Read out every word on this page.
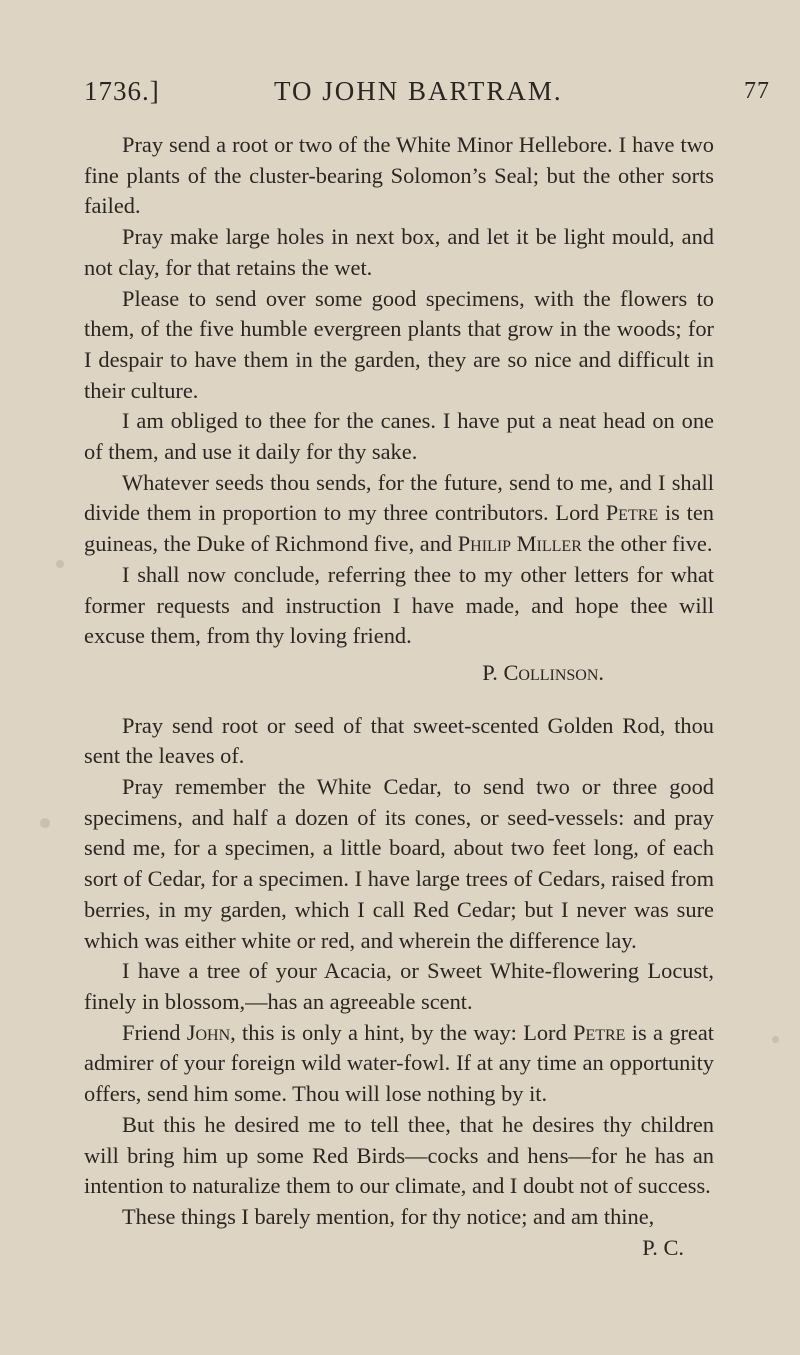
1736.]	TO JOHN BARTRAM.	77

Pray send a root or two of the White Minor Hellebore. I have two fine plants of the cluster-bearing Solomon’s Seal; but the other sorts failed.

Pray make large holes in next box, and let it be light mould, and not clay, for that retains the wet.

Please to send over some good specimens, with the flowers to them, of the five humble evergreen plants that grow in the woods; for I despair to have them in the garden, they are so nice and difficult in their culture.

I am obliged to thee for the canes. I have put a neat head on one of them, and use it daily for thy sake.

Whatever seeds thou sends, for the future, send to me, and I shall divide them in proportion to my three contributors. Lord Petre is ten guineas, the Duke of Richmond five, and Philip Miller the other five.

I shall now conclude, referring thee to my other letters for what former requests and instruction I have made, and hope thee will excuse them, from thy loving friend.

P. Collinson.

Pray send root or seed of that sweet-scented Golden Rod, thou sent the leaves of.

Pray remember the White Cedar, to send two or three good specimens, and half a dozen of its cones, or seed-vessels: and pray send me, for a specimen, a little board, about two feet long, of each sort of Cedar, for a specimen. I have large trees of Cedars, raised from berries, in my garden, which I call Red Cedar; but I never was sure which was either white or red, and wherein the difference lay.

I have a tree of your Acacia, or Sweet White-flowering Locust, finely in blossom,—has an agreeable scent.

Friend John, this is only a hint, by the way: Lord Petre is a great admirer of your foreign wild water-fowl. If at any time an opportunity offers, send him some. Thou will lose nothing by it.

But this he desired me to tell thee, that he desires thy children will bring him up some Red Birds—cocks and hens—for he has an intention to naturalize them to our climate, and I doubt not of success.

These things I barely mention, for thy notice; and am thine,

P. C.
